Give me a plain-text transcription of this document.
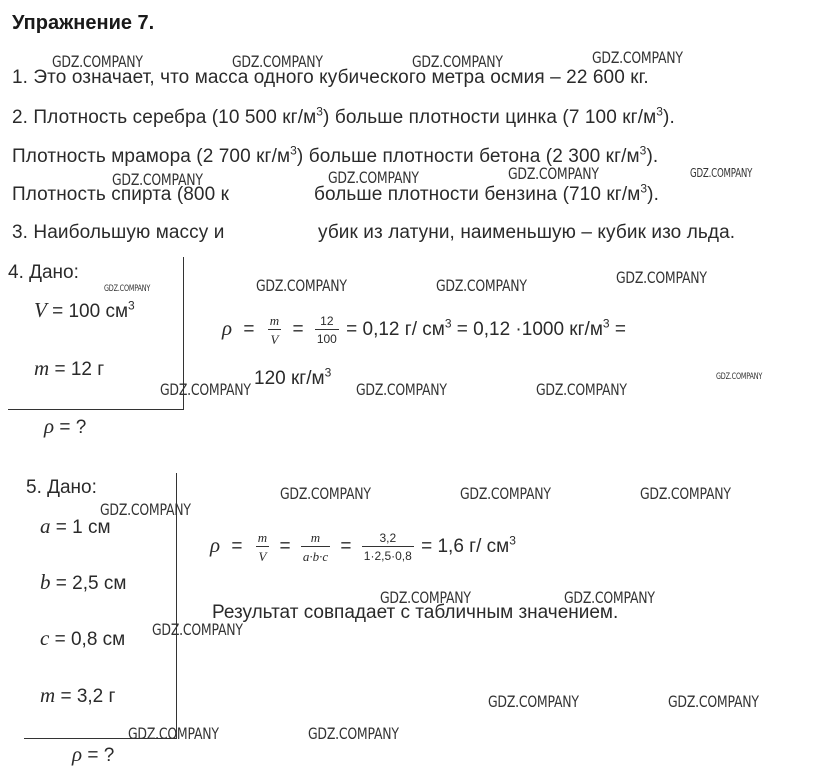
Упражнение 7.
1. Это означает, что масса одного кубического метра осмия – 22 600 кг.
2. Плотность серебра (10 500 $кг/м^3$) больше плотности цинка (7 100 $кг/м^3$).
Плотность мрамора (2 700 $кг/м^3$) больше плотности бетона (2 300 $кг/м^3$).
Плотность спирта (800 к	больше плотности бензина (710 $кг/м^3$).
3. Наибольшую массу и	убик из латуни, наименьшую – кубик изо льда.
4. Дано:
V = 100 $см^3$
m = 12 г
ρ = ?
$\rho = \frac{m}{V} = \frac{12}{100} = 0,12$ г/ $см^3 = 0,12 \cdot 1000$ $кг/м^3$ =
120 $кг/м^3$
5. Дано:
a = 1 см
b = 2,5 см
c = 0,8 см
m = 3,2 г
ρ = ?
$\rho = \frac{m}{V} = \frac{m}{a\cdot b\cdot c} = \frac{3,2}{1\cdot 2,5\cdot 0,8} = 1,6$ г/ $см^3$
Результат совпадает с табличным значением.
GDZ.COMPANY	GDZ.COMPANY	GDZ.COMPANY	GDZ.COMPANY
GDZ.COMPANY	GDZ.COMPANY	GDZ.COMPANY	GDZ.COMPANY
GDZ.COMPANY	GDZ.COMPANY	GDZ.COMPANY	GDZ.COMPANY
GDZ.COMPANY	GDZ.COMPANY	GDZ.COMPANY
GDZ.COMPANY
GDZ.COMPANY	GDZ.COMPANY	GDZ.COMPANY
GDZ.COMPANY
GDZ.COMPANY	GDZ.COMPANY
GDZ.COMPANY
GDZ.COMPANY	GDZ.COMPANY
GDZ.COMPANY	GDZ.COMPANY
